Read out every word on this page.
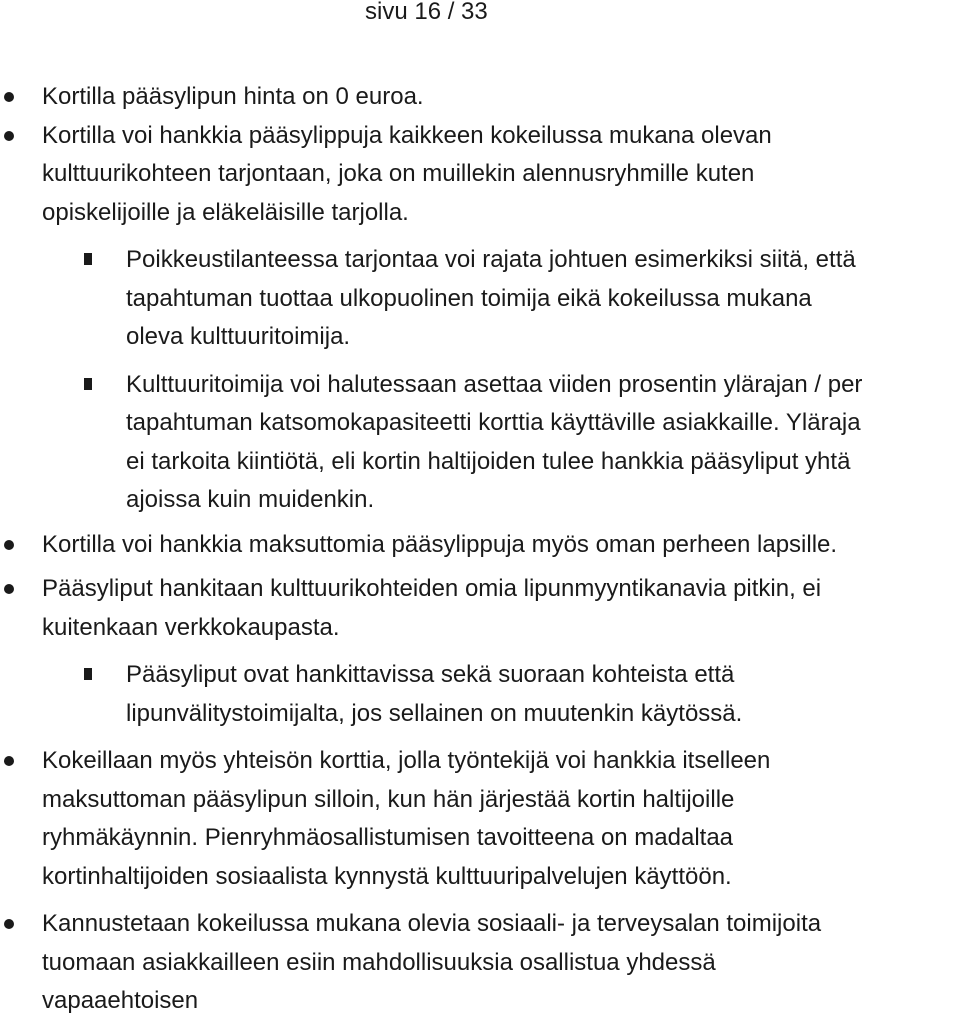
sivu 16 / 33
Kortilla pääsylipun hinta on 0 euroa.
Kortilla voi hankkia pääsylippuja kaikkeen kokeilussa mukana olevan
kulttuurikohteen tarjontaan, joka on muillekin alennusryhmille kuten
opiskelijoille ja eläkeläisille tarjolla.
Poikkeustilanteessa tarjontaa voi rajata johtuen esimerkiksi siitä, että
tapahtuman tuottaa ulkopuolinen toimija eikä kokeilussa mukana
oleva kulttuuritoimija.
Kulttuuritoimija voi halutessaan asettaa viiden prosentin ylärajan / per
tapahtuman katsomokapasiteetti korttia käyttäville asiakkaille. Yläraja
ei tarkoita kiintiötä, eli kortin haltijoiden tulee hankkia pääsyliput yhtä
ajoissa kuin muidenkin.
Kortilla voi hankkia maksuttomia pääsylippuja myös oman perheen lapsille.
Pääsyliput hankitaan kulttuurikohteiden omia lipunmyyntikanavia pitkin, ei
kuitenkaan verkkokaupasta.
Pääsyliput ovat hankittavissa sekä suoraan kohteista että
lipunvälitystoimijalta, jos sellainen on muutenkin käytössä.
Kokeillaan myös yhteisön korttia, jolla työntekijä voi hankkia itselleen
maksuttoman pääsylipun silloin, kun hän järjestää kortin haltijoille
ryhmäkäynnin. Pienryhmäosallistumisen tavoitteena on madaltaa
kortinhaltijoiden sosiaalista kynnystä kulttuuripalvelujen käyttöön.
Kannustetaan kokeilussa mukana olevia sosiaali- ja terveysalan toimijoita
tuomaan asiakkailleen esiin mahdollisuuksia osallistua yhdessä
vapaaehtoisen
